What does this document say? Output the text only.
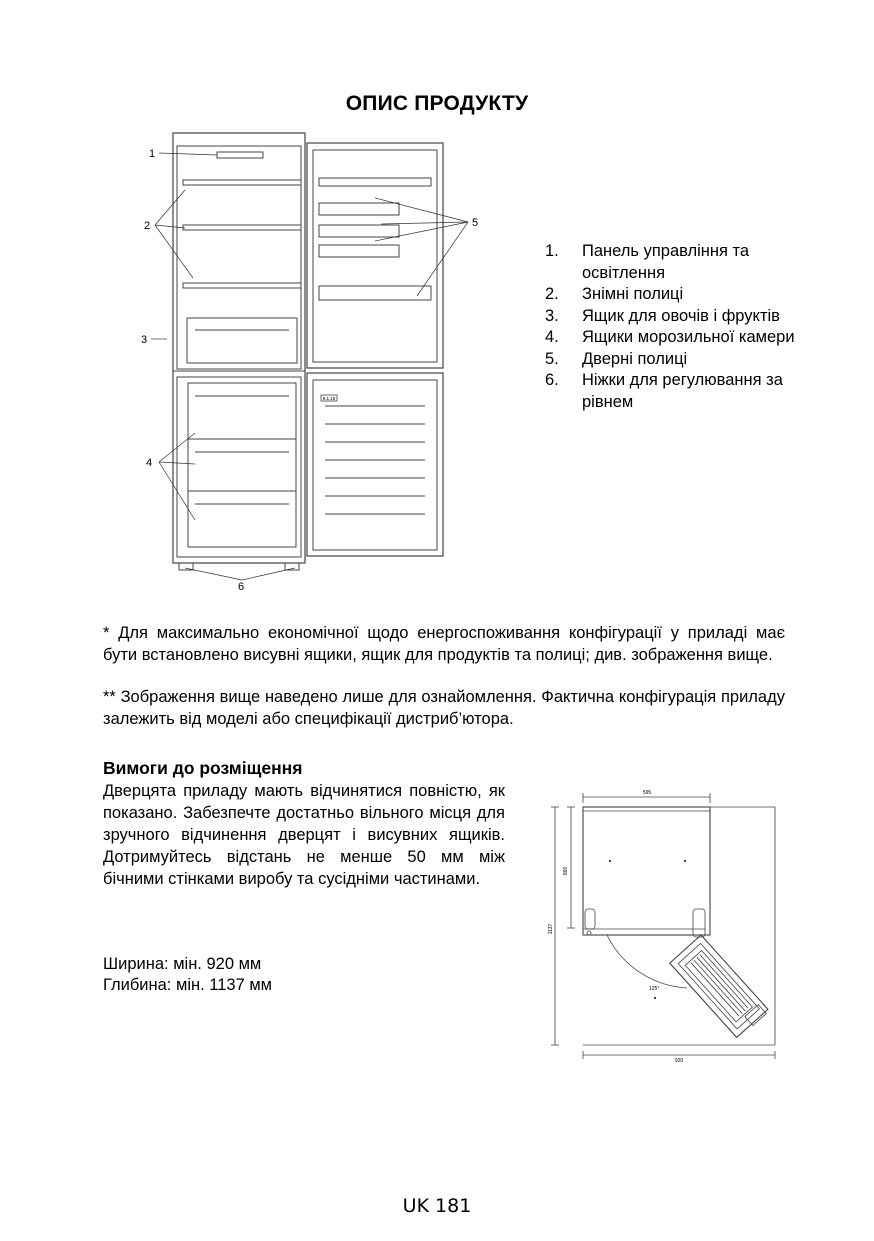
ОПИС ПРОДУКТУ
8.1.18
1
2
3
4
5
6
1. Панель управління та освітлення
2. Знімні полиці
3. Ящик для овочів і фруктів
4. Ящики морозильної камери
5. Дверні полиці
6. Ніжки для регулювання за рівнем
* Для максимально економічної щодо енергоспоживання конфігурації у приладі має бути встановлено висувні ящики, ящик для продуктів та полиці; див. зображення вище.
** Зображення вище наведено лише для ознайомлення. Фактична конфігурація приладу залежить від моделі або специфікації дистриб’ютора.
Вимоги до розміщення
Дверцята приладу мають відчинятися повністю, як показано. Забезпечте достатньо вільного місця для зручного відчинення дверцят і висувних ящиків. Дотримуйтесь відстань не менше 50 мм між бічними стінками виробу та сусідніми частинами.
Ширина: мін. 920 мм
Глибина: мін. 1137 мм
595
866
1137
125°
920
UK 181
